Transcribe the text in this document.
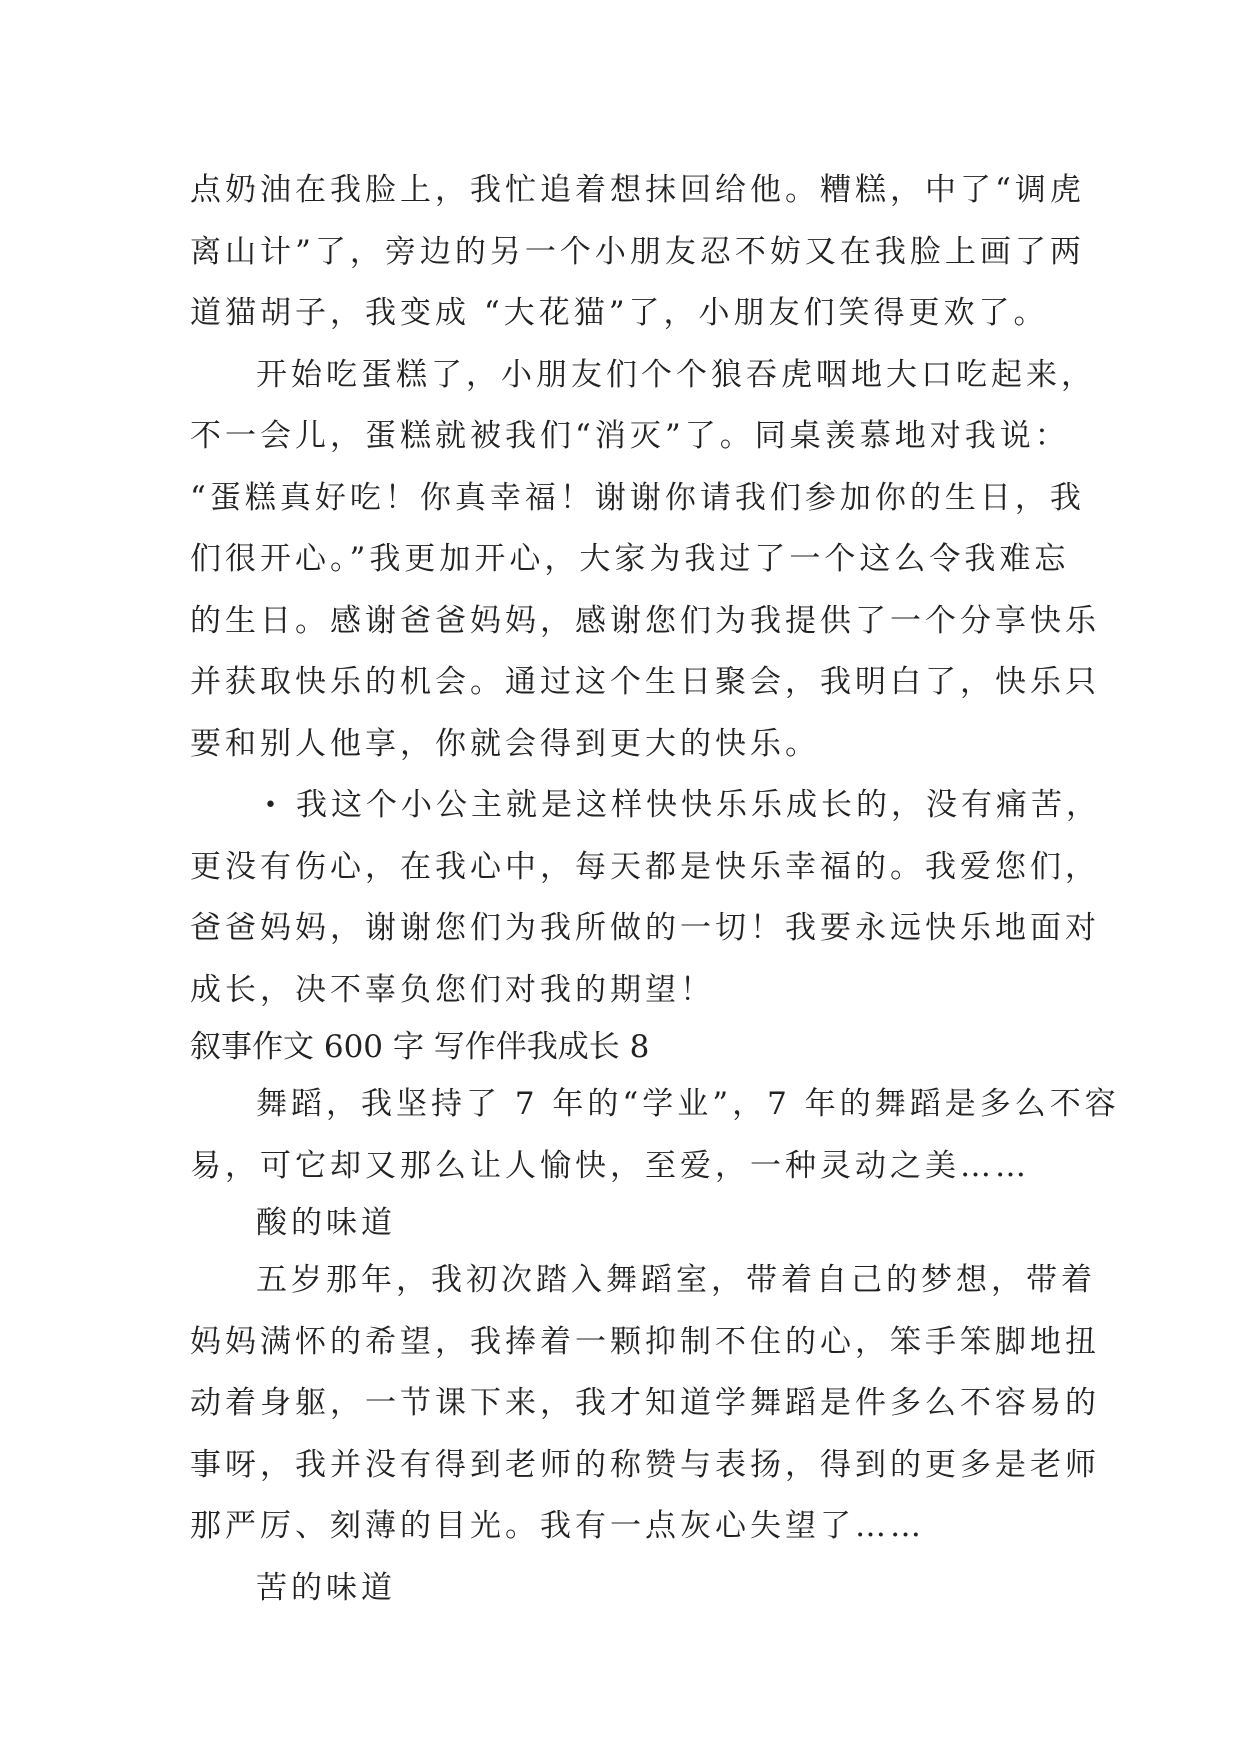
点奶油在我脸上，我忙追着想抹回给他。糟糕，中了“调虎
离山计”了，旁边的另一个小朋友忍不妨又在我脸上画了两
道猫胡子，我变成 “大花猫”了，小朋友们笑得更欢了。
开始吃蛋糕了，小朋友们个个狼吞虎咽地大口吃起来，
不一会儿，蛋糕就被我们“消灭”了。同桌羡慕地对我说：
“蛋糕真好吃！你真幸福！谢谢你请我们参加你的生日，我
们很开心。”我更加开心，大家为我过了一个这么令我难忘
的生日。感谢爸爸妈妈，感谢您们为我提供了一个分享快乐
并获取快乐的机会。通过这个生日聚会，我明白了，快乐只
要和别人他享，你就会得到更大的快乐。
• 我这个小公主就是这样快快乐乐成长的，没有痛苦，
更没有伤心，在我心中，每天都是快乐幸福的。我爱您们，
爸爸妈妈，谢谢您们为我所做的一切！我要永远快乐地面对
成长，决不辜负您们对我的期望！
叙事作文 600 字 写作伴我成长 8
舞蹈，我坚持了 7 年的“学业”，7 年的舞蹈是多么不容
易，可它却又那么让人愉快，至爱，一种灵动之美……
酸的味道
五岁那年，我初次踏入舞蹈室，带着自己的梦想，带着
妈妈满怀的希望，我捧着一颗抑制不住的心，笨手笨脚地扭
动着身躯，一节课下来，我才知道学舞蹈是件多么不容易的
事呀，我并没有得到老师的称赞与表扬，得到的更多是老师
那严厉、刻薄的目光。我有一点灰心失望了……
苦的味道
